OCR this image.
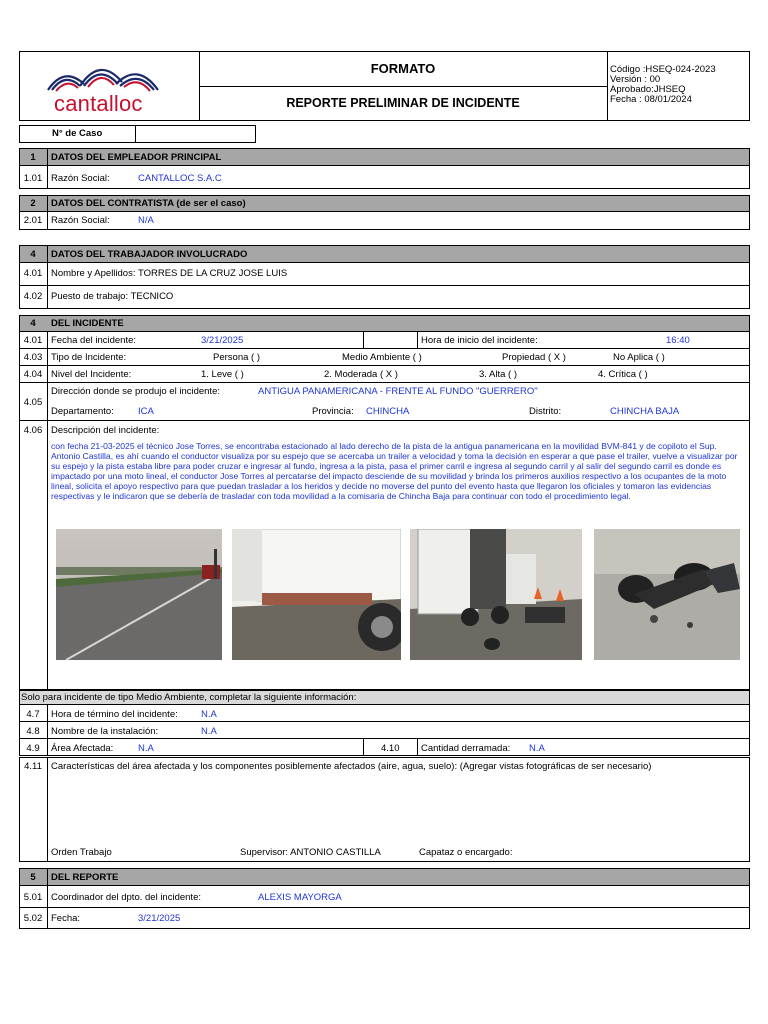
cantalloc
FORMATO
REPORTE PRELIMINAR DE INCIDENTE
Código :HSEQ-024-2023
Versión : 00
Aprobado:JHSEQ
Fecha : 08/01/2024
N° de Caso
1	DATOS DEL EMPLEADOR PRINCIPAL
1.01 Razón Social:	CANTALLOC S.A.C
2	DATOS DEL CONTRATISTA (de ser el caso)
2.01 Razón Social:	N/A
4	DATOS DEL TRABAJADOR INVOLUCRADO
4.01 Nombre y Apellidos: TORRES DE LA CRUZ JOSE LUIS
4.02 Puesto de trabajo: TECNICO
4	DEL INCIDENTE
4.01 Fecha del incidente:	3/21/2025	Hora de inicio del incidente:	16:40
4.03 Tipo de Incidente:	Persona ( )	Medio Ambiente ( )	Propiedad ( X )	No Aplica ( )
4.04 Nivel del Incidente:	1. Leve ( )	2. Moderada ( X )	3. Alta ( )	4. Crítica ( )
4.05
Dirección donde se produjo el incidente:	ANTIGUA PANAMERICANA - FRENTE AL FUNDO "GUERRERO"
Departamento:	ICA	Provincia: CHINCHA	Distrito:	CHINCHA BAJA
4.06 Descripción del incidente:
con fecha 21-03-2025 el técnico Jose Torres, se encontraba estacionado al lado derecho de la pista de la antigua panamericana en la movilidad BVM-841 y de copiloto el Sup. Antonio Castilla, es ahí cuando el conductor visualiza por su espejo que se acercaba un trailer a velocidad y toma la decisión en esperar a que pase el trailer, vuelve a visualizar por su espejo y la pista estaba libre para poder cruzar e ingresar al fundo, ingresa a la pista, pasa el primer carril e ingresa al segundo carril y al salir del segundo carril es donde es impactado por una moto lineal, el conductor Jose Torres al percatarse del impacto desciende de su movilidad y brinda los primeros auxilios respectivo a los ocupantes de la moto lineal, solicita el apoyo respectivo para que puedan trasladar a los heridos y decide no moverse del punto del evento hasta que llegaron los oficiales y tomaron las evidencias respectivas y le indicaron que se debería de trasladar con toda movilidad a la comisaria de Chincha Baja para continuar con todo el procedimiento legal.
Solo para incidente de tipo Medio Ambiente, completar la siguiente información:
4.7	Hora de término del incidente: N.A
4.8	Nombre de la instalación:	N.A
4.9	Área Afectada:	N.A	4.10 Cantidad derramada: N.A
4.11 Características del área afectada y los componentes posiblemente afectados (aire, agua, suelo): (Agregar vistas fotográficas de ser necesario)
Orden Trabajo	Supervisor: ANTONIO CASTILLA	Capataz o encargado:
5	DEL REPORTE
5.01 Coordinador del dpto. del incidente:	ALEXIS MAYORGA
5.02 Fecha:	3/21/2025
